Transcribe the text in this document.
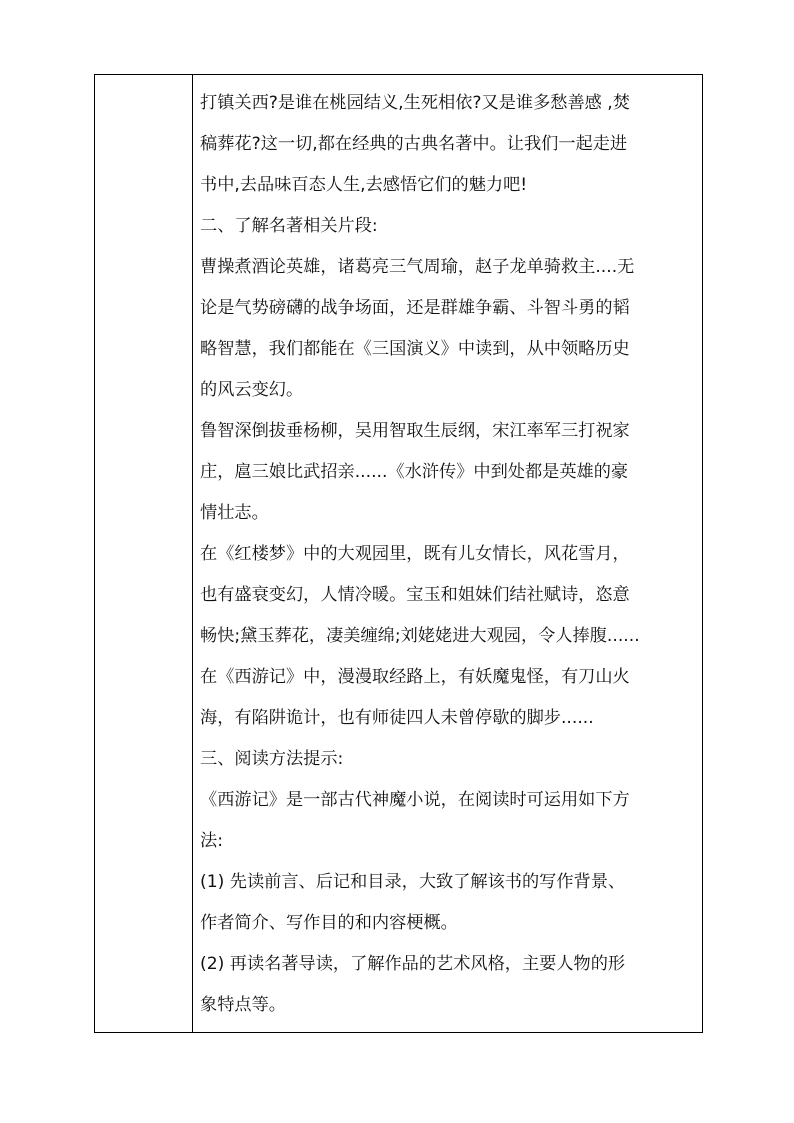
打镇关西?是谁在桃园结义,生死相依?又是谁多愁善感 ,焚
稿葬花?这一切,都在经典的古典名著中。让我们一起走进
书中,去品味百态人生,去感悟它们的魅力吧!
二、了解名著相关片段:
曹操煮酒论英雄，诸葛亮三气周瑜，赵子龙单骑救主....无
论是气势磅礴的战争场面，还是群雄争霸、斗智斗勇的韬
略智慧，我们都能在《三国演义》中读到，从中领略历史
的风云变幻。
鲁智深倒拔垂杨柳，吴用智取生辰纲，宋江率军三打祝家
庄，扈三娘比武招亲......《水浒传》中到处都是英雄的豪
情壮志。
在《红楼梦》中的大观园里，既有儿女情长，风花雪月，
也有盛衰变幻，人情冷暖。宝玉和姐妹们结社赋诗，恣意
畅快;黛玉葬花，凄美缠绵;刘姥姥进大观园，令人捧腹......
在《西游记》中，漫漫取经路上，有妖魔鬼怪，有刀山火
海，有陷阱诡计，也有师徒四人未曾停歇的脚步......
三、阅读方法提示:
《西游记》是一部古代神魔小说，在阅读时可运用如下方
法:
(1) 先读前言、后记和目录，大致了解该书的写作背景、
作者简介、写作目的和内容梗概。
(2) 再读名著导读，了解作品的艺术风格，主要人物的形
象特点等。
